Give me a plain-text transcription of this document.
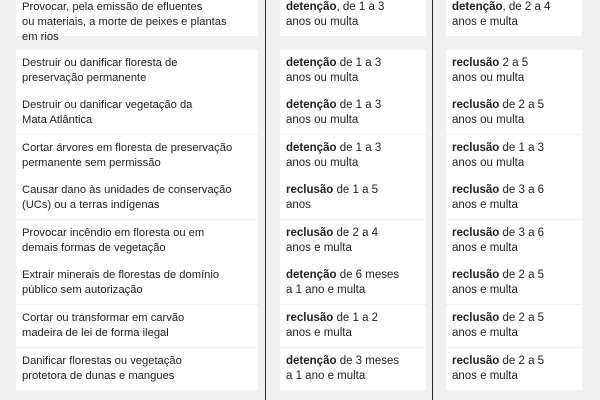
Provocar, pela emissão de efluentes
ou materiais, a morte de peixes e plantas
em rios
detenção, de 1 a 3
anos ou multa
detenção, de 2 a 4
anos e multa
Destruir ou danificar floresta de
preservação permanente
detenção de 1 a 3
anos ou multa
reclusão 2 a 5
anos ou multa
Destruir ou danificar vegetação da
Mata Atlântica
detenção de 1 a 3
anos ou multa
reclusão de 2 a 5
anos ou multa
Cortar árvores em floresta de preservação
permanente sem permissão
detenção de 1 a 3
anos ou multa
reclusão de 1 a 3
anos ou multa
Causar dano às unidades de conservação
(UCs) ou a terras indígenas
reclusão de 1 a 5
anos
reclusão de 3 a 6
anos e multa
Provocar incêndio em floresta ou em
demais formas de vegetação
reclusão de 2 a 4
anos e multa
reclusão de 3 a 6
anos e multa
Extrair minerais de florestas de domínio
público sem autorização
detenção de 6 meses
a 1 ano e multa
reclusão de 2 a 5
anos e multa
Cortar ou transformar em carvão
madeira de lei de forma ilegal
reclusão de 1 a 2
anos e multa
reclusão de 2 a 5
anos e multa
Danificar florestas ou vegetação
protetora de dunas e mangues
detenção de 3 meses
a 1 ano e multa
reclusão de 2 a 5
anos e multa
